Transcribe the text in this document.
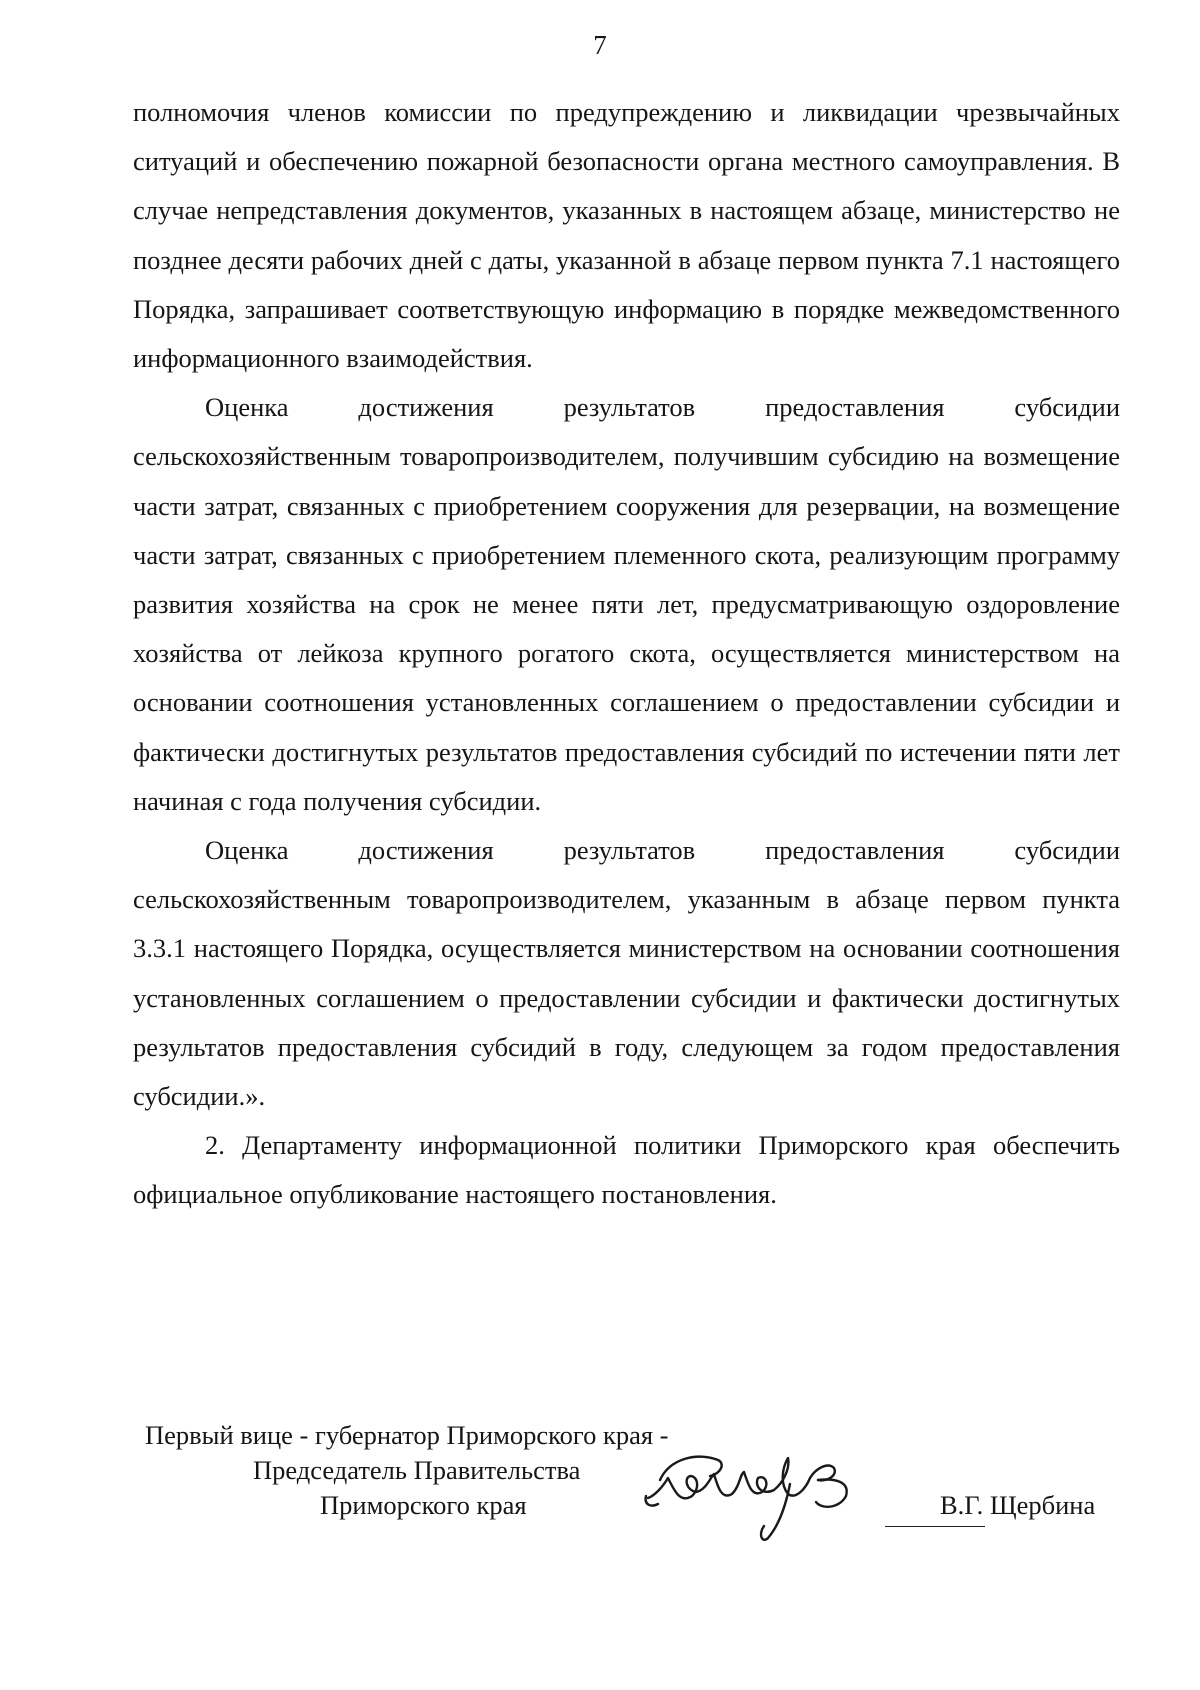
7

полномочия членов комиссии по предупреждению и ликвидации чрезвычайных ситуаций и обеспечению пожарной безопасности органа местного самоуправления. В случае непредставления документов, указанных в настоящем абзаце, министерство не позднее десяти рабочих дней с даты, указанной в абзаце первом пункта 7.1 настоящего Порядка, запрашивает соответствующую информацию в порядке межведомственного информационного взаимодействия.

Оценка достижения результатов предоставления субсидии сельскохозяйственным товаропроизводителем, получившим субсидию на возмещение части затрат, связанных с приобретением сооружения для резервации, на возмещение части затрат, связанных с приобретением племенного скота, реализующим программу развития хозяйства на срок не менее пяти лет, предусматривающую оздоровление хозяйства от лейкоза крупного рогатого скота, осуществляется министерством на основании соотношения установленных соглашением о предоставлении субсидии и фактически достигнутых результатов предоставления субсидий по истечении пяти лет начиная с года получения субсидии.

Оценка достижения результатов предоставления субсидии сельскохозяйственным товаропроизводителем, указанным в абзаце первом пункта 3.3.1 настоящего Порядка, осуществляется министерством на основании соотношения установленных соглашением о предоставлении субсидии и фактически достигнутых результатов предоставления субсидий в году, следующем за годом предоставления субсидии.».

2. Департаменту информационной политики Приморского края обеспечить официальное опубликование настоящего постановления.

Первый вице - губернатор Приморского края -
Председатель Правительства
Приморского края	В.Г. Щербина
